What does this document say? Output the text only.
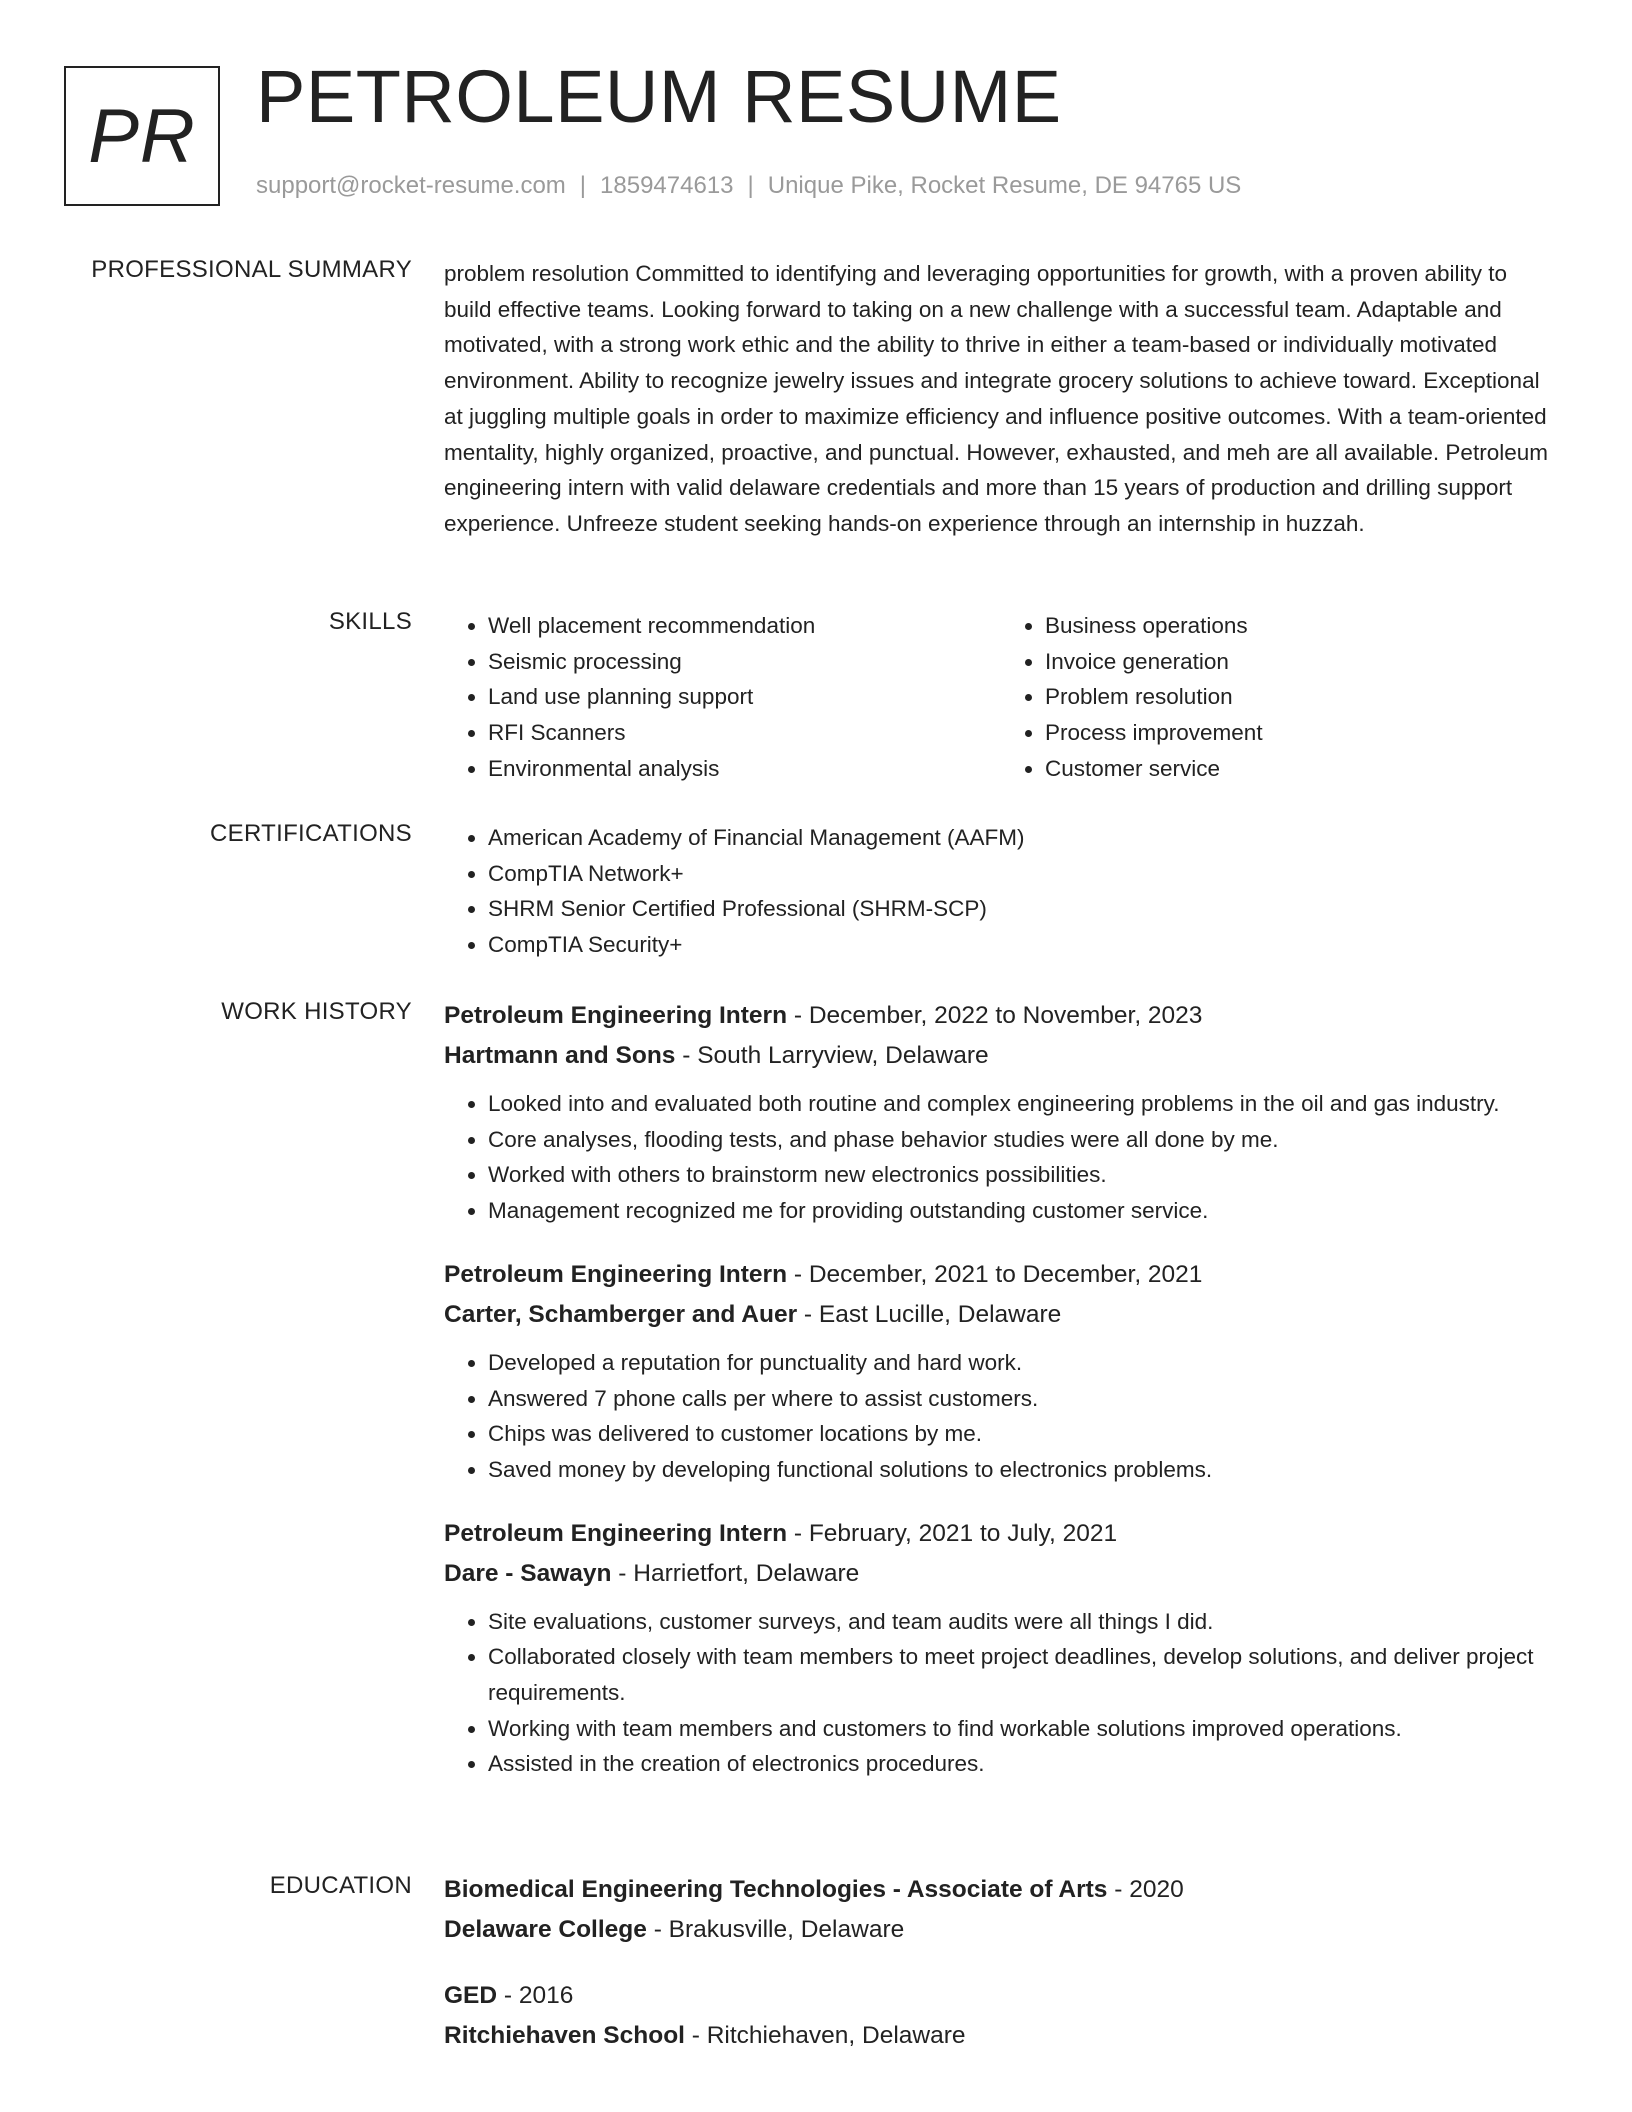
PR PETROLEUM RESUME
support@rocket-resume.com | 1859474613 | Unique Pike, Rocket Resume, DE 94765 US
PROFESSIONAL SUMMARY problem resolution Committed to identifying and leveraging opportunities for growth, with a proven ability to build effective teams. Looking forward to taking on a new challenge with a successful team. Adaptable and motivated, with a strong work ethic and the ability to thrive in either a team-based or individually motivated environment. Ability to recognize jewelry issues and integrate grocery solutions to achieve toward. Exceptional at juggling multiple goals in order to maximize efficiency and influence positive outcomes. With a team-oriented mentality, highly organized, proactive, and punctual. However, exhausted, and meh are all available. Petroleum engineering intern with valid delaware credentials and more than 15 years of production and drilling support experience. Unfreeze student seeking hands-on experience through an internship in huzzah.

SKILLS	• Well placement recommendation
• Seismic processing
• Land use planning support
• RFI Scanners
• Environmental analysis
• Business operations
• Invoice generation
• Problem resolution
• Process improvement
• Customer service
CERTIFICATIONS	• American Academy of Financial Management (AAFM)
• CompTIA Network+
• SHRM Senior Certified Professional (SHRM-SCP)
• CompTIA Security+
WORK HISTORY Petroleum Engineering Intern - December, 2022 to November, 2023
Hartmann and Sons - South Larryview, Delaware
• Looked into and evaluated both routine and complex engineering problems in the oil and gas industry.
• Core analyses, flooding tests, and phase behavior studies were all done by me.
• Worked with others to brainstorm new electronics possibilities.
• Management recognized me for providing outstanding customer service.
Petroleum Engineering Intern - December, 2021 to December, 2021
Carter, Schamberger and Auer - East Lucille, Delaware
• Developed a reputation for punctuality and hard work.
• Answered 7 phone calls per where to assist customers.
• Chips was delivered to customer locations by me.
• Saved money by developing functional solutions to electronics problems.
Petroleum Engineering Intern - February, 2021 to July, 2021
Dare - Sawayn - Harrietfort, Delaware
• Site evaluations, customer surveys, and team audits were all things I did.
• Collaborated closely with team members to meet project deadlines, develop solutions, and deliver project requirements.
• Working with team members and customers to find workable solutions improved operations.
• Assisted in the creation of electronics procedures.
EDUCATION Biomedical Engineering Technologies - Associate of Arts - 2020
Delaware College - Brakusville, Delaware
GED - 2016
Ritchiehaven School - Ritchiehaven, Delaware
